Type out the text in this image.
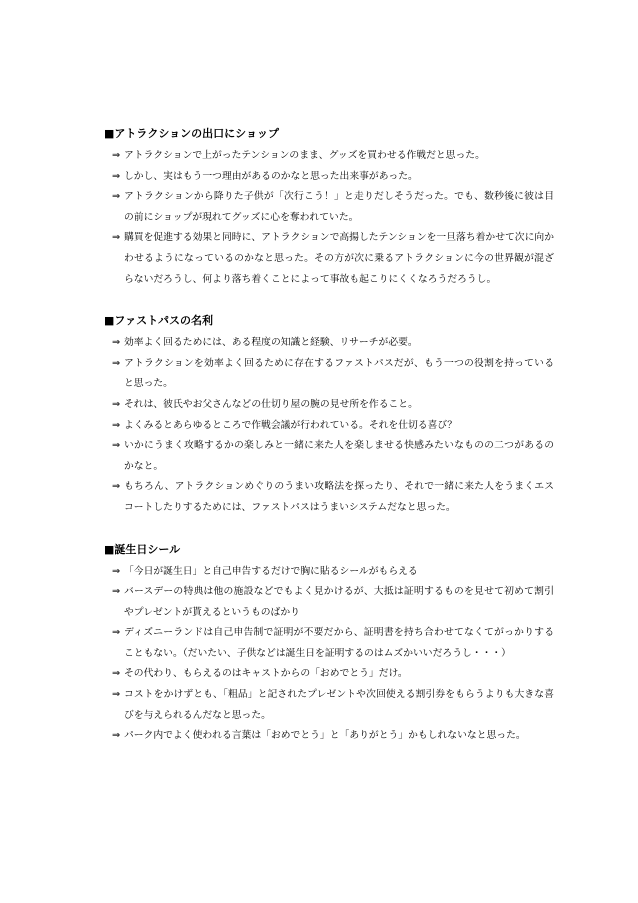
■アトラクションの出口にショップ
⇒ アトラクションで上がったテンションのまま、グッズを買わせる作戦だと思った。
⇒ しかし、実はもう一つ理由があるのかなと思った出来事があった。
⇒ アトラクションから降りた子供が「次行こう！」と走りだしそうだった。でも、数秒後に彼は目の前にショップが現れてグッズに心を奪われていた。
⇒ 購買を促進する効果と同時に、アトラクションで高揚したテンションを一旦落ち着かせて次に向かわせるようになっているのかなと思った。その方が次に乗るアトラクションに今の世界観が混ざらないだろうし、何より落ち着くことによって事故も起こりにくくなろうだろうし。
■ファストパスの名利
⇒ 効率よく回るためには、ある程度の知識と経験、リサーチが必要。
⇒ アトラクションを効率よく回るために存在するファストパスだが、もう一つの役割を持っていると思った。
⇒ それは、彼氏やお父さんなどの仕切り屋の腕の見せ所を作ること。
⇒ よくみるとあらゆるところで作戦会議が行われている。それを仕切る喜び？
⇒ いかにうまく攻略するかの楽しみと一緒に来た人を楽しませる快感みたいなものの二つがあるのかなと。
⇒ もちろん、アトラクションめぐりのうまい攻略法を探ったり、それで一緒に来た人をうまくエスコートしたりするためには、ファストパスはうまいシステムだなと思った。
■誕生日シール
⇒ 「今日が誕生日」と自己申告するだけで胸に貼るシールがもらえる
⇒ バースデーの特典は他の施設などでもよく見かけるが、大抵は証明するものを見せて初めて割引やプレゼントが貰えるというものばかり
⇒ ディズニーランドは自己申告制で証明が不要だから、証明書を持ち合わせてなくてがっかりすることもない。（だいたい、子供などは誕生日を証明するのはムズかいいだろうし・・・）
⇒ その代わり、もらえるのはキャストからの「おめでとう」だけ。
⇒ コストをかけずとも、「粗品」と記されたプレゼントや次回使える割引券をもらうよりも大きな喜びを与えられるんだなと思った。
⇒ パーク内でよく使われる言葉は「おめでとう」と「ありがとう」かもしれないなと思った。
